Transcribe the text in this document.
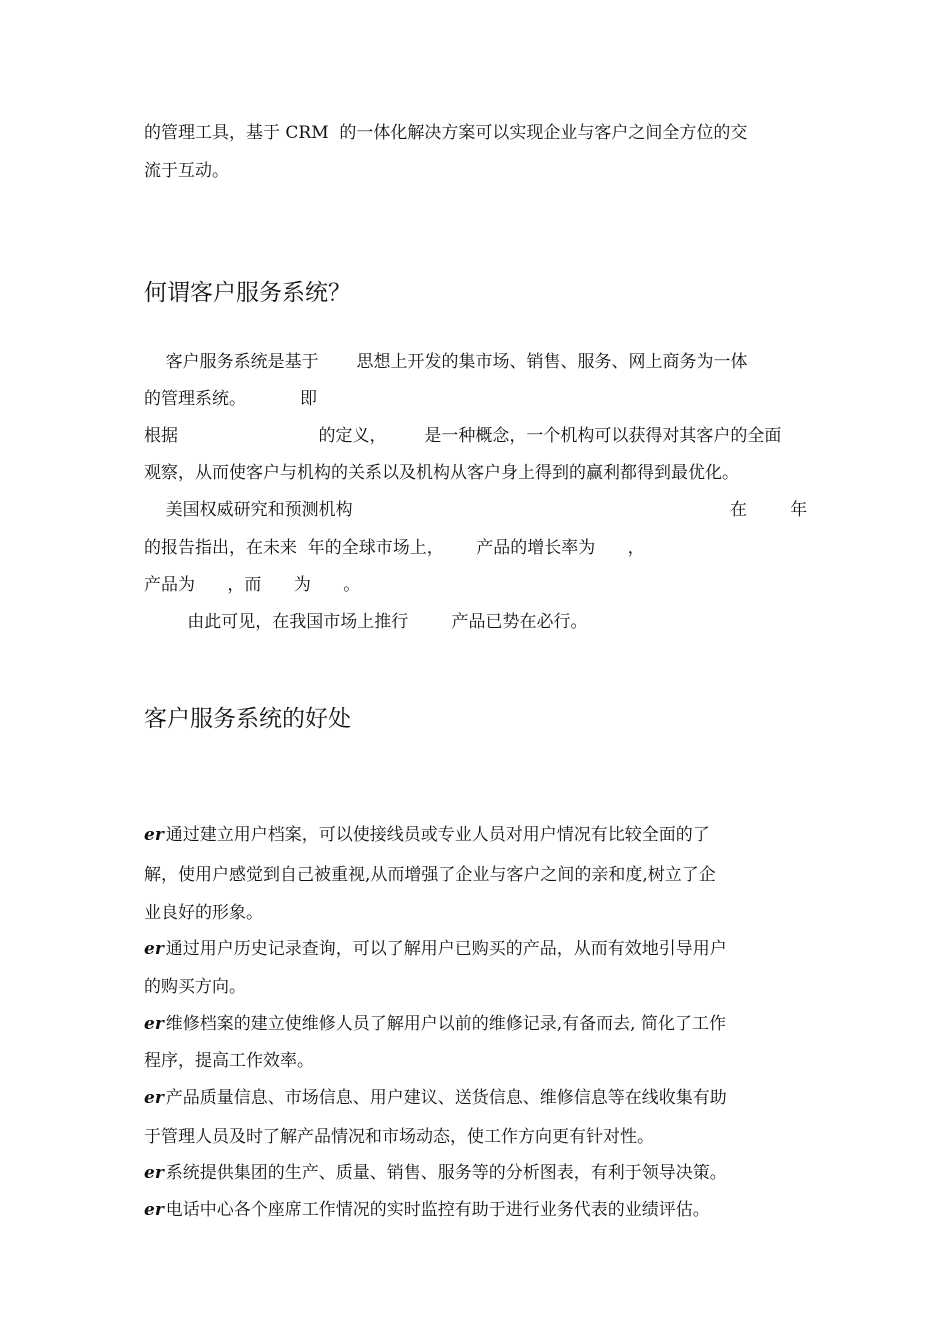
的管理工具，基于 CRM  的一体化解决方案可以实现企业与客户之间全方位的交

流于互动。

何谓客户服务系统？

客户服务系统是基于       思想上开发的集市场、销售、服务、网上商务为一体

的管理系统。          即

根据                          的定义，       是一种概念，一个机构可以获得对其客户的全面

观察，从而使客户与机构的关系以及机构从客户身上得到的赢利都得到最优化。

美国权威研究和预测机构	在        年

的报告指出，在未来  年的全球市场上，      产品的增长率为      ，

产品为      ，而      为      。

由此可见，在我国市场上推行        产品已势在必行。

客户服务系统的好处

er 通过建立用户档案，可以使接线员或专业人员对用户情况有比较全面的了

解，使用户感觉到自己被重视,从而增强了企业与客户之间的亲和度,树立了企

业良好的形象。

er 通过用户历史记录查询，可以了解用户已购买的产品，从而有效地引导用户

的购买方向。

er 维修档案的建立使维修人员了解用户以前的维修记录,有备而去, 简化了工作

程序，提高工作效率。

er 产品质量信息、市场信息、用户建议、送货信息、维修信息等在线收集有助

于管理人员及时了解产品情况和市场动态，使工作方向更有针对性。

er 系统提供集团的生产、质量、销售、服务等的分析图表，有利于领导决策。

er 电话中心各个座席工作情况的实时监控有助于进行业务代表的业绩评估。
